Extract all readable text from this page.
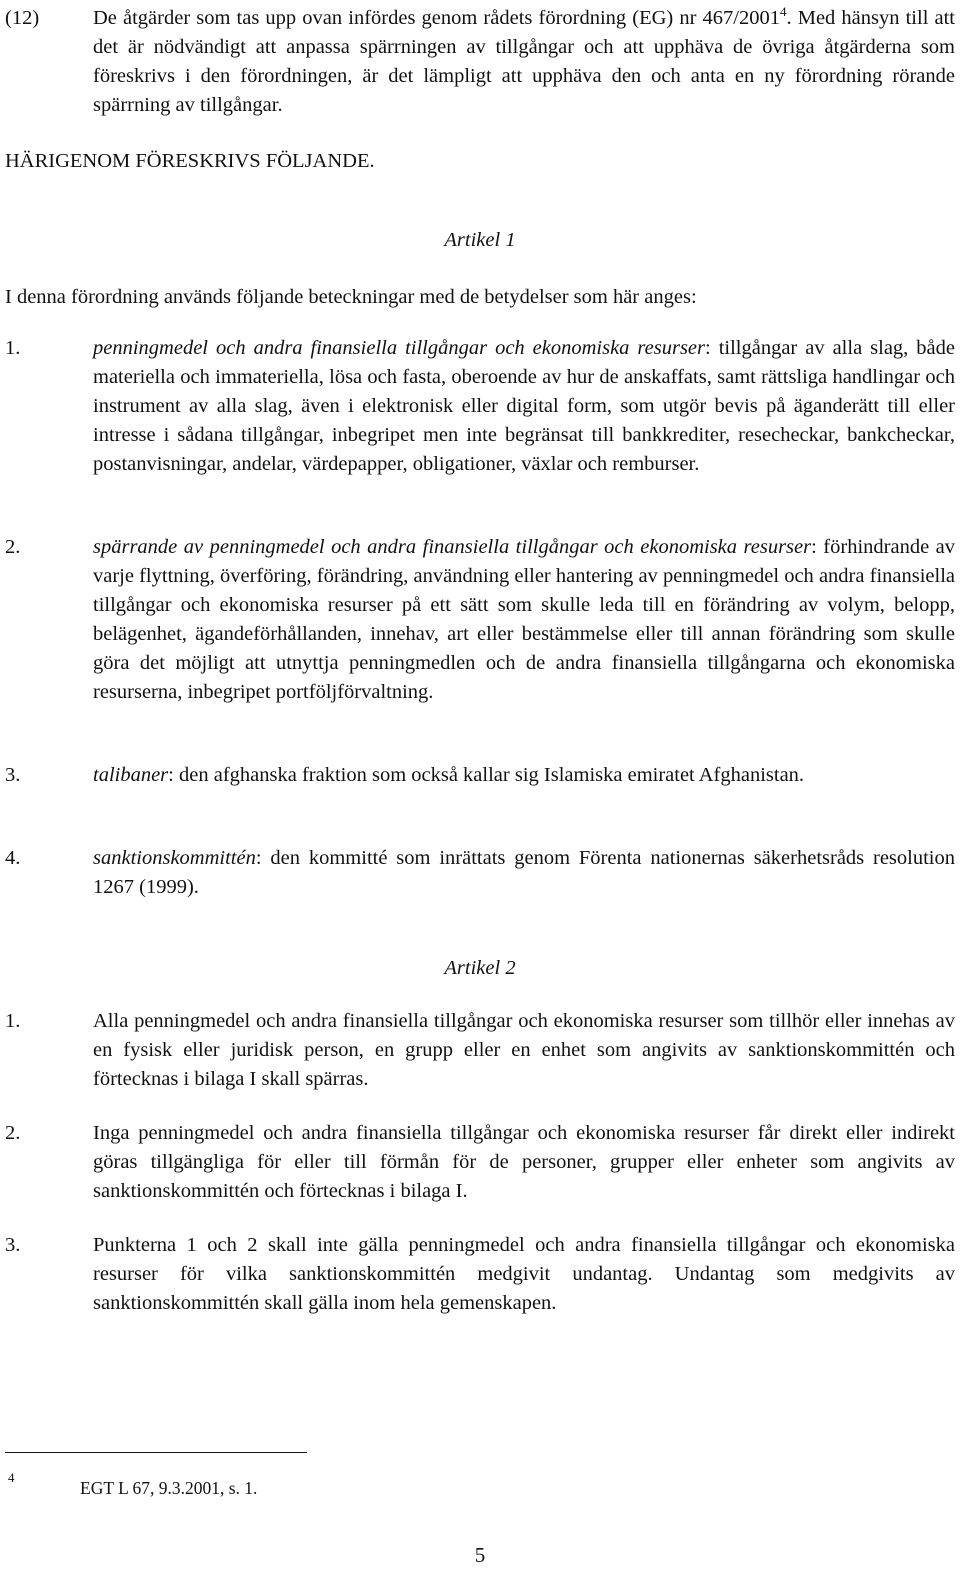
(12)	De åtgärder som tas upp ovan infördes genom rådets förordning (EG) nr 467/2001$^4$. Med hänsyn till att det är nödvändigt att anpassa spärrningen av tillgångar och att upphäva de övriga åtgärderna som föreskrivs i den förordningen, är det lämpligt att upphäva den och anta en ny förordning rörande spärrning av tillgångar.
HÄRIGENOM FÖRESKRIVS FÖLJANDE.
Artikel 1
I denna förordning används följande beteckningar med de betydelser som här anges:
1.	penningmedel och andra finansiella tillgångar och ekonomiska resurser: tillgångar av alla slag, både materiella och immateriella, lösa och fasta, oberoende av hur de anskaffats, samt rättsliga handlingar och instrument av alla slag, även i elektronisk eller digital form, som utgör bevis på äganderätt till eller intresse i sådana tillgångar, inbegripet men inte begränsat till bankkrediter, resecheckar, bankcheckar, postanvisningar, andelar, värdepapper, obligationer, växlar och remburser.
2.	spärrande av penningmedel och andra finansiella tillgångar och ekonomiska resurser: förhindrande av varje flyttning, överföring, förändring, användning eller hantering av penningmedel och andra finansiella tillgångar och ekonomiska resurser på ett sätt som skulle leda till en förändring av volym, belopp, belägenhet, ägandeförhållanden, innehav, art eller bestämmelse eller till annan förändring som skulle göra det möjligt att utnyttja penningmedlen och de andra finansiella tillgångarna och ekonomiska resurserna, inbegripet portföljförvaltning.
3.	talibaner: den afghanska fraktion som också kallar sig Islamiska emiratet Afghanistan.
4.	sanktionskommittén: den kommitté som inrättats genom Förenta nationernas säkerhetsråds resolution 1267 (1999).
Artikel 2
1.	Alla penningmedel och andra finansiella tillgångar och ekonomiska resurser som tillhör eller innehas av en fysisk eller juridisk person, en grupp eller en enhet som angivits av sanktionskommittén och förtecknas i bilaga I skall spärras.
2.	Inga penningmedel och andra finansiella tillgångar och ekonomiska resurser får direkt eller indirekt göras tillgängliga för eller till förmån för de personer, grupper eller enheter som angivits av sanktionskommittén och förtecknas i bilaga I.
3.	Punkterna 1 och 2 skall inte gälla penningmedel och andra finansiella tillgångar och ekonomiska resurser för vilka sanktionskommittén medgivit undantag. Undantag som medgivits av sanktionskommittén skall gälla inom hela gemenskapen.
4
EGT L 67, 9.3.2001, s. 1.
5
